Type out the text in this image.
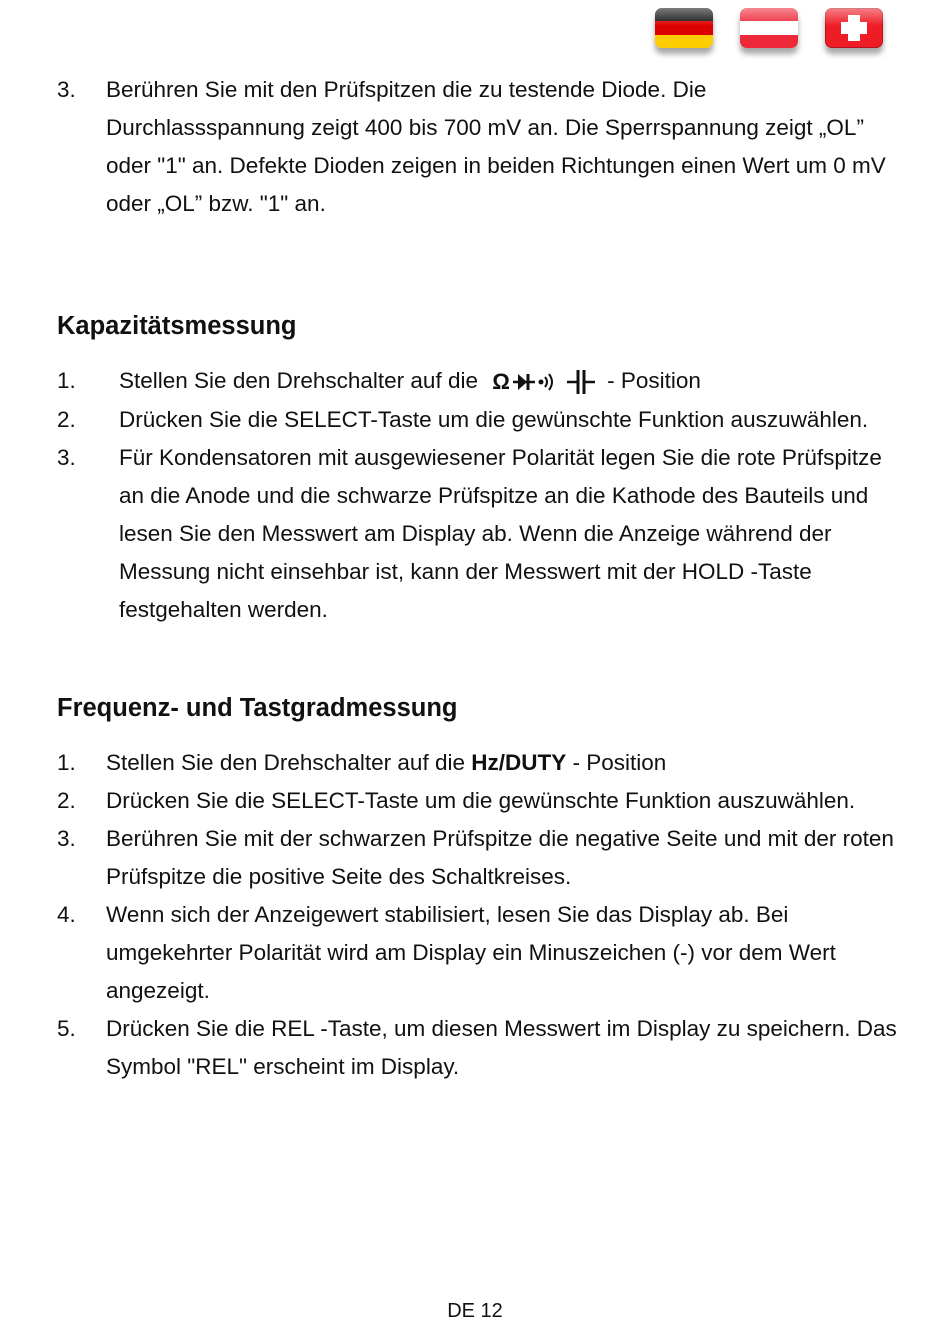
3.	Berühren Sie mit den Prüfspitzen die zu testende Diode. Die Durchlassspannung zeigt 400 bis 700 mV an. Die Sperrspannung zeigt „OL” oder "1" an. Defekte Dioden zeigen in beiden Richtungen einen Wert um 0 mV oder „OL” bzw. "1" an.
Kapazitätsmessung
1.	Stellen Sie den Drehschalter auf die Ω	- Position
2.	Drücken Sie die SELECT-Taste um die gewünschte Funktion auszuwählen.
3.	Für Kondensatoren mit ausgewiesener Polarität legen Sie die rote Prüfspitze an die Anode und die schwarze Prüfspitze an die Kathode des Bauteils und lesen Sie den Messwert am Display ab. Wenn die Anzeige während der Messung nicht einsehbar ist, kann der Messwert mit der HOLD -Taste festgehalten werden.
Frequenz- und Tastgradmessung
1.	Stellen Sie den Drehschalter auf die Hz/DUTY - Position
2.	Drücken Sie die SELECT-Taste um die gewünschte Funktion auszuwählen.
3.	Berühren Sie mit der schwarzen Prüfspitze die negative Seite und mit der roten Prüfspitze die positive Seite des Schaltkreises.
4.	Wenn sich der Anzeigewert stabilisiert, lesen Sie das Display ab. Bei umgekehrter Polarität wird am Display ein Minuszeichen (-) vor dem Wert angezeigt.
5.	Drücken Sie die REL -Taste, um diesen Messwert im Display zu speichern. Das Symbol "REL" erscheint im Display.
DE 12
